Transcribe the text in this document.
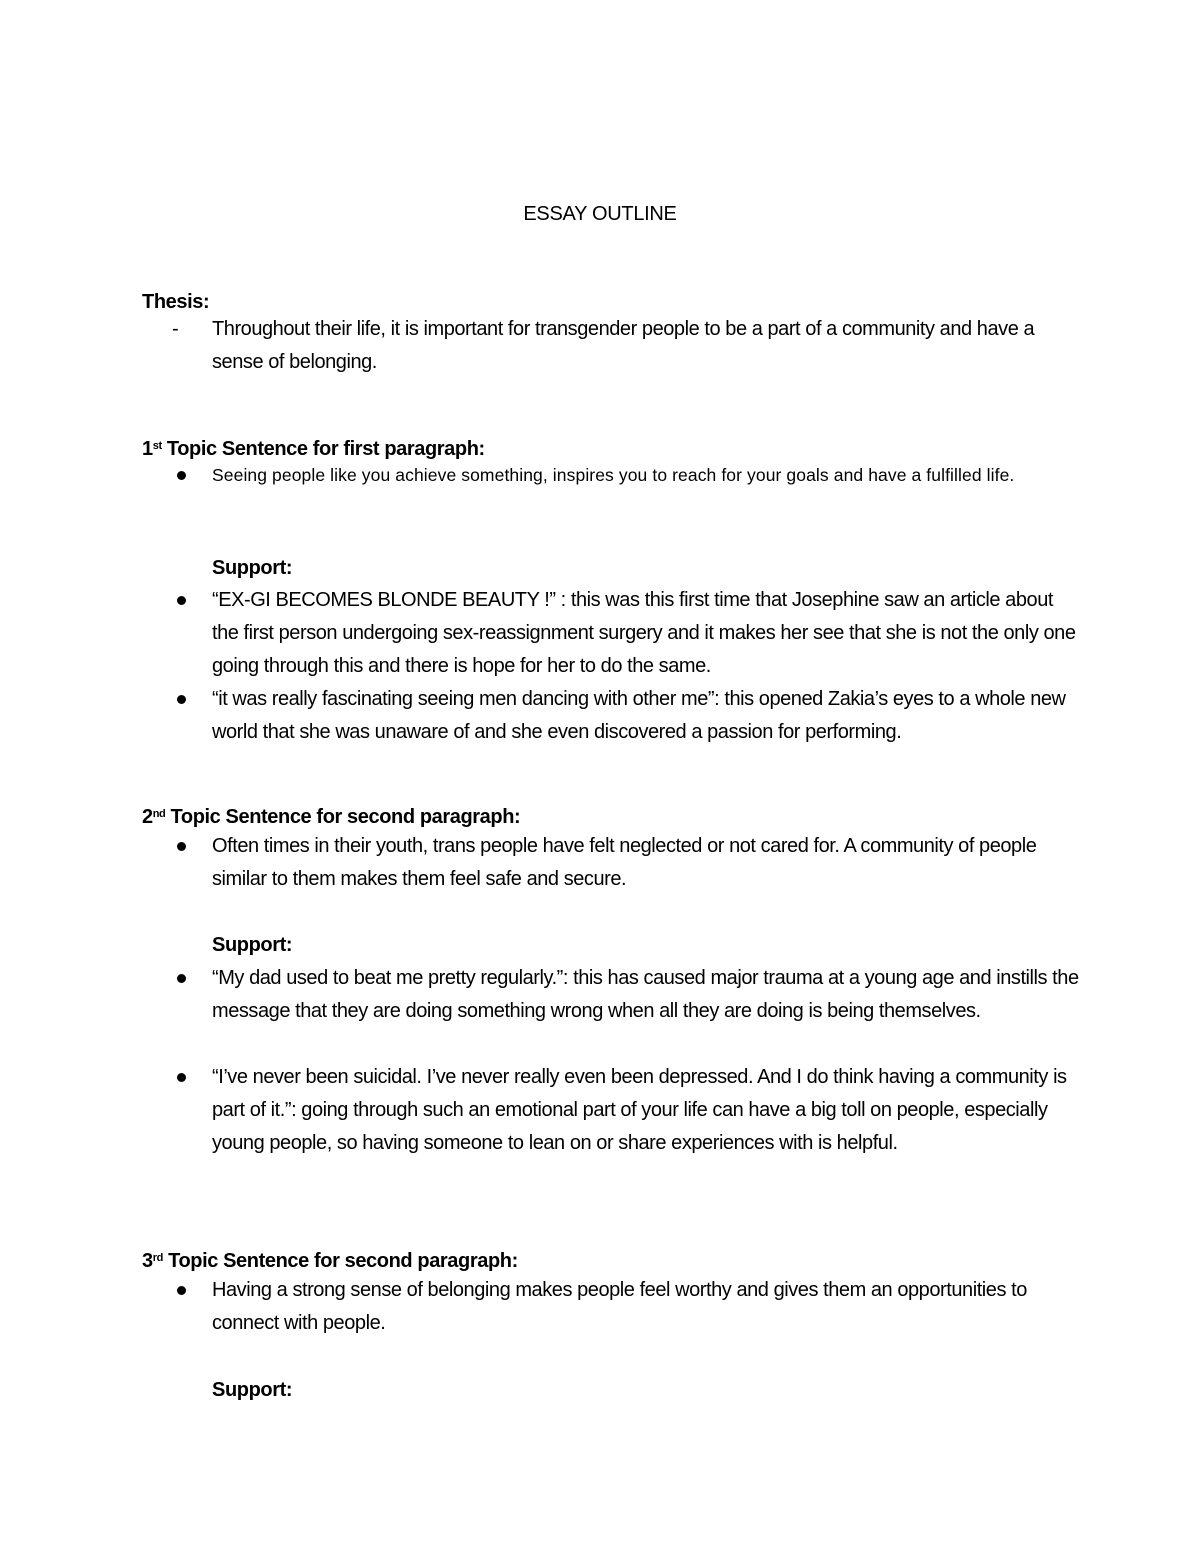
ESSAY OUTLINE
Thesis:
-	Throughout their life, it is important for transgender people to be a part of a community and have a sense of belonging.
1st Topic Sentence for first paragraph:
Seeing people like you achieve something, inspires you to reach for your goals and have a fulfilled life.
Support:
“EX-GI BECOMES BLONDE BEAUTY !” : this was this first time that Josephine saw an article about the first person undergoing sex-reassignment surgery and it makes her see that she is not the only one going through this and there is hope for her to do the same.
“it was really fascinating seeing men dancing with other me”: this opened Zakia’s eyes to a whole new world that she was unaware of and she even discovered a passion for performing.
2nd Topic Sentence for second paragraph:
Often times in their youth, trans people have felt neglected or not cared for. A community of people similar to them makes them feel safe and secure.
Support:
“My dad used to beat me pretty regularly.”: this has caused major trauma at a young age and instills the message that they are doing something wrong when all they are doing is being themselves.
“I’ve never been suicidal. I’ve never really even been depressed. And I do think having a community is part of it.”: going through such an emotional part of your life can have a big toll on people, especially young people, so having someone to lean on or share experiences with is helpful.
3rd Topic Sentence for second paragraph:
Having a strong sense of belonging makes people feel worthy and gives them an opportunities to connect with people.
Support:
